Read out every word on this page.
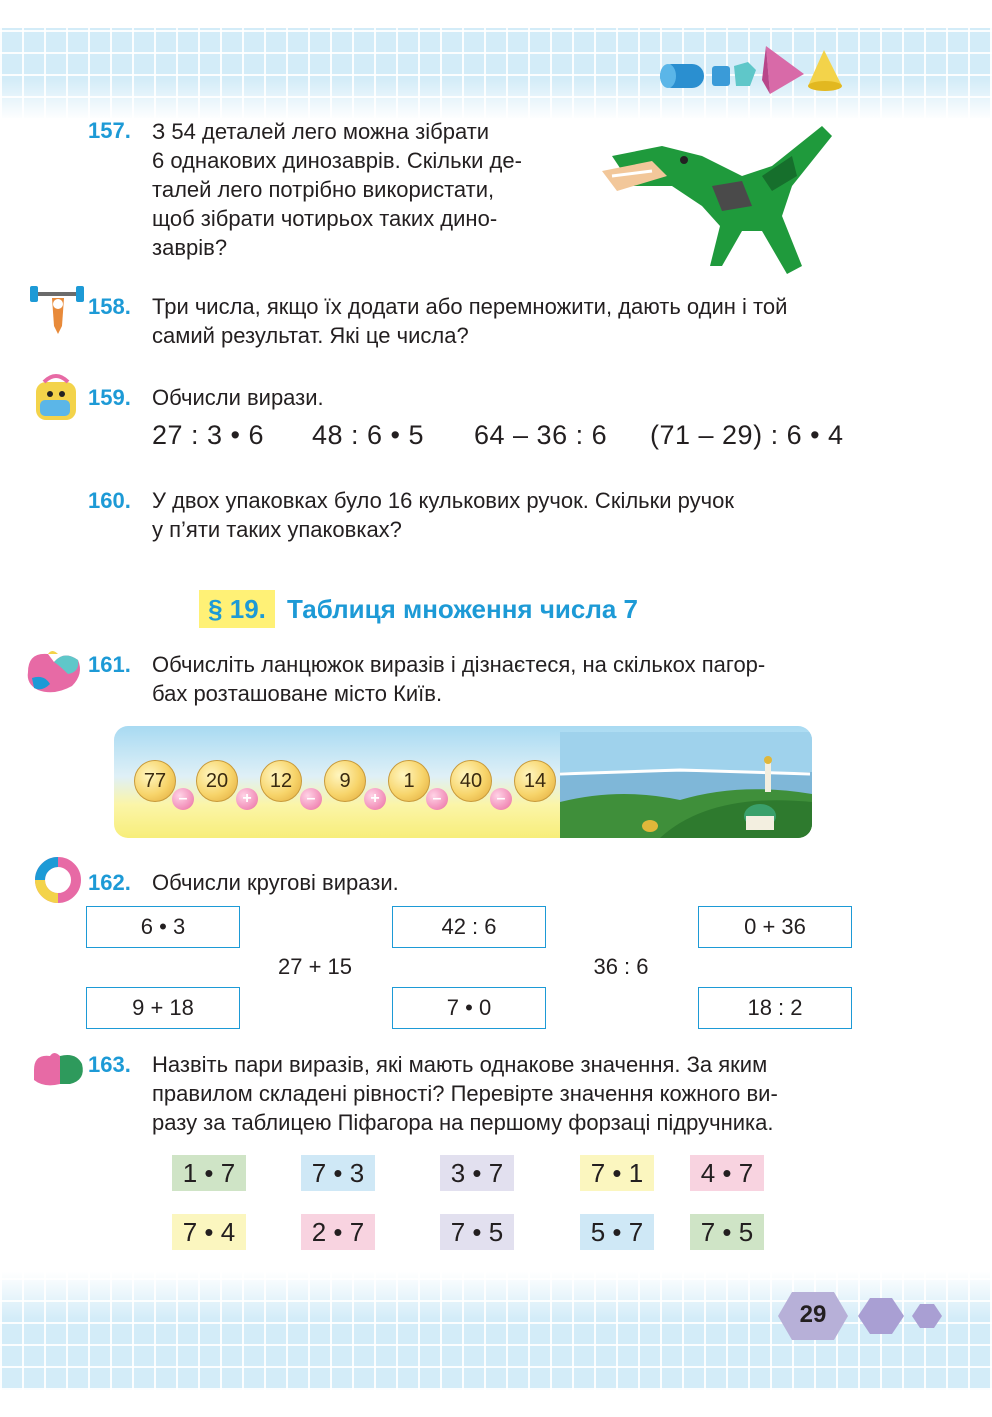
157. З 54 деталей лего можна зібрати
6 однакових динозаврів. Скільки де-
талей лего потрібно використати,
щоб зібрати чотирьох таких дино-
заврів?
158. Три числа, якщо їх додати або перемножити, дають один і той
самий результат. Які це числа?
159. Обчисли вирази.
27 : 3 • 6 48 : 6 • 5 64 – 36 : 6 (71 – 29) : 6 • 4
160. У двох упаковках було 16 кулькових ручок. Скільки ручок
у п’яти таких упаковках?
§ 19. Таблиця множення числа 7
161. Обчисліть ланцюжок виразів і дізнаєтеся, на скількох пагор-
бах розташоване місто Київ.
77
–
20
+
12
–
9
+
1
–
40
–
14
162. Обчисли кругові вирази.
6 • 3	42 : 6	0 + 36
27 + 15	36 : 6
9 + 18	7 • 0	18 : 2
163. Назвіть пари виразів, які мають однакове значення. За яким
правилом складені рівності? Перевірте значення кожного ви-
разу за таблицею Піфагора на першому форзаці підручника.
1 • 7	7 • 3	3 • 7	7 • 1	4 • 7
7 • 4	2 • 7	7 • 5	5 • 7	7 • 5
29
